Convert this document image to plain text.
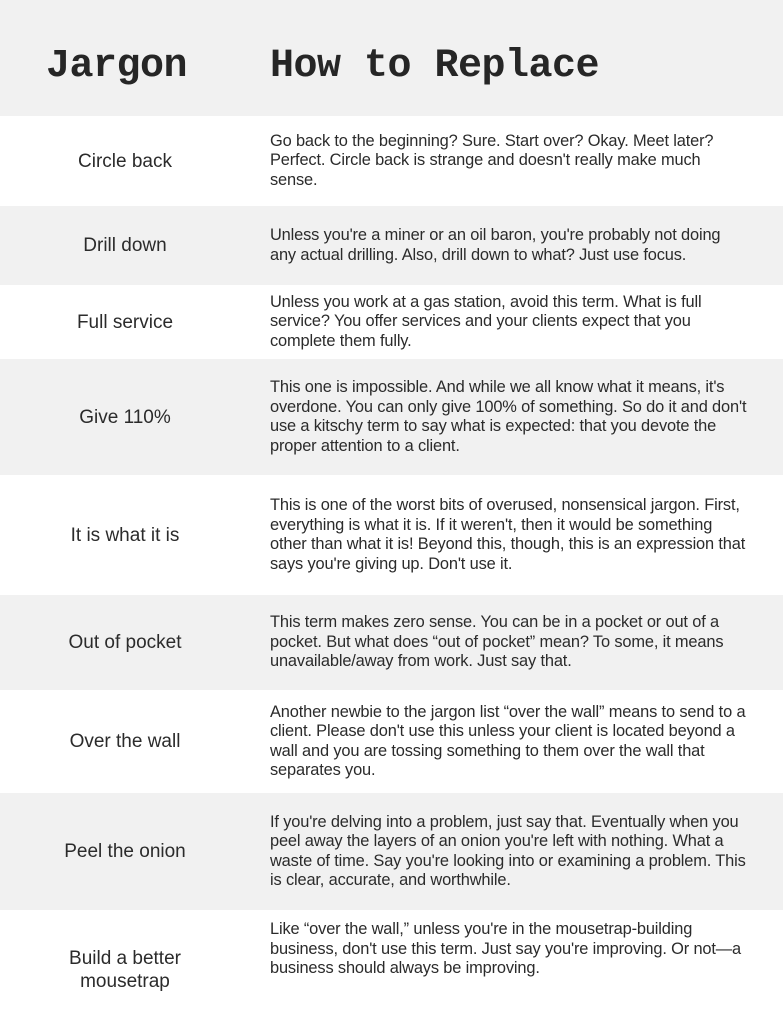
Jargon How to Replace
Circle back
Go back to the beginning? Sure. Start over? Okay. Meet later? Perfect. Circle back is strange and doesn't really make much sense.
Drill down	Unless you're a miner or an oil baron, you're probably not doing any actual drilling. Also, drill down to what? Just use focus.
Full service
Unless you work at a gas station, avoid this term. What is full service? You offer services and your clients expect that you complete them fully.
Give 110%
This one is impossible. And while we all know what it means, it's overdone. You can only give 100% of something. So do it and don't use a kitschy term to say what is expected: that you devote the proper attention to a client.
It is what it is
This is one of the worst bits of overused, nonsensical jargon. First, everything is what it is. If it weren't, then it would be something other than what it is! Beyond this, though, this is an expression that says you're giving up. Don't use it.
Out of pocket
This term makes zero sense. You can be in a pocket or out of a pocket. But what does “out of pocket” mean? To some, it means unavailable/away from work. Just say that.
Over the wall
Another newbie to the jargon list “over the wall” means to send to a client. Please don't use this unless your client is located beyond a wall and you are tossing something to them over the wall that separates you.
Peel the onion
If you're delving into a problem, just say that. Eventually when you peel away the layers of an onion you're left with nothing. What a waste of time. Say you're looking into or examining a problem. This is clear, accurate, and worthwhile.
Build a better mousetrap
Like “over the wall,” unless you're in the mousetrap-building business, don't use this term. Just say you're improving. Or not—a business should always be improving.
